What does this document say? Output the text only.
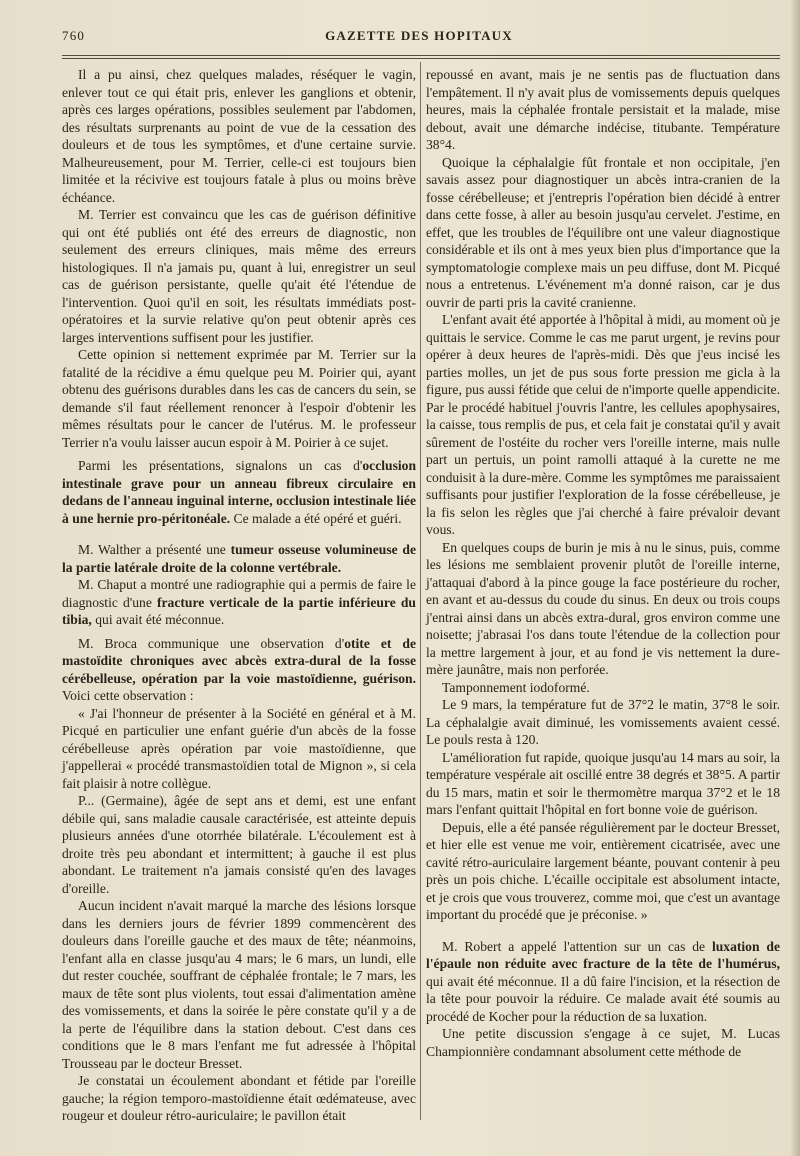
760	GAZETTE DES HOPITAUX

Il a pu ainsi, chez quelques malades, réséquer le vagin, enlever tout ce qui était pris, enlever les ganglions et obtenir, après ces larges opérations, possibles seulement par l'abdomen, des résultats surprenants au point de vue de la cessation des douleurs et de tous les symptômes, et d'une certaine survie. Malheureusement, pour M. Terrier, celle-ci est toujours bien limitée et la récivive est toujours fatale à plus ou moins brève échéance.

M. Terrier est convaincu que les cas de guérison définitive qui ont été publiés ont été des erreurs de diagnostic, non seulement des erreurs cliniques, mais même des erreurs histologiques. Il n'a jamais pu, quant à lui, enregistrer un seul cas de guérison persistante, quelle qu'ait été l'étendue de l'intervention. Quoi qu'il en soit, les résultats immédiats post-opératoires et la survie relative qu'on peut obtenir après ces larges interventions suffisent pour les justifier.

Cette opinion si nettement exprimée par M. Terrier sur la fatalité de la récidive a ému quelque peu M. Poirier qui, ayant obtenu des guérisons durables dans les cas de cancers du sein, se demande s'il faut réellement renoncer à l'espoir d'obtenir les mêmes résultats pour le cancer de l'utérus. M. le professeur Terrier n'a voulu laisser aucun espoir à M. Poirier à ce sujet.

Parmi les présentations, signalons un cas d'occlusion intestinale grave pour un anneau fibreux circulaire en dedans de l'anneau inguinal interne, occlusion intestinale liée à une hernie pro-péritonéale. Ce malade a été opéré et guéri.

M. Walther a présenté une tumeur osseuse volumineuse de la partie latérale droite de la colonne vertébrale.

M. Chaput a montré une radiographie qui a permis de faire le diagnostic d'une fracture verticale de la partie inférieure du tibia, qui avait été méconnue.

M. Broca communique une observation d'otite et de mastoïdite chroniques avec abcès extra-dural de la fosse cérébelleuse, opération par la voie mastoïdienne, guérison. Voici cette observation :

« J'ai l'honneur de présenter à la Société en général et à M. Picqué en particulier une enfant guérie d'un abcès de la fosse cérébelleuse après opération par voie mastoïdienne, que j'appellerai « procédé transmastoïdien total de Mignon », si cela fait plaisir à notre collègue.

P... (Germaine), âgée de sept ans et demi, est une enfant débile qui, sans maladie causale caractérisée, est atteinte depuis plusieurs années d'une otorrhée bilatérale. L'écoulement est à droite très peu abondant et intermittent; à gauche il est plus abondant. Le traitement n'a jamais consisté qu'en des lavages d'oreille.

Aucun incident n'avait marqué la marche des lésions lorsque dans les derniers jours de février 1899 commencèrent des douleurs dans l'oreille gauche et des maux de tête; néanmoins, l'enfant alla en classe jusqu'au 4 mars; le 6 mars, un lundi, elle dut rester couchée, souffrant de céphalée frontale; le 7 mars, les maux de tête sont plus violents, tout essai d'alimentation amène des vomissements, et dans la soirée le père constate qu'il y a de la perte de l'équilibre dans la station debout. C'est dans ces conditions que le 8 mars l'enfant me fut adressée à l'hôpital Trousseau par le docteur Bresset.

Je constatai un écoulement abondant et fétide par l'oreille gauche; la région temporo-mastoïdienne était œdémateuse, avec rougeur et douleur rétro-auriculaire; le pavillon était

repoussé en avant, mais je ne sentis pas de fluctuation dans l'empâtement. Il n'y avait plus de vomissements depuis quelques heures, mais la céphalée frontale persistait et la malade, mise debout, avait une démarche indécise, titubante. Température 38°4.

Quoique la céphalalgie fût frontale et non occipitale, j'en savais assez pour diagnostiquer un abcès intra-cranien de la fosse cérébelleuse; et j'entrepris l'opération bien décidé à entrer dans cette fosse, à aller au besoin jusqu'au cervelet. J'estime, en effet, que les troubles de l'équilibre ont une valeur diagnostique considérable et ils ont à mes yeux bien plus d'importance que la symptomatologie complexe mais un peu diffuse, dont M. Picqué nous a entretenus. L'événement m'a donné raison, car je dus ouvrir de parti pris la cavité cranienne.

L'enfant avait été apportée à l'hôpital à midi, au moment où je quittais le service. Comme le cas me parut urgent, je revins pour opérer à deux heures de l'après-midi. Dès que j'eus incisé les parties molles, un jet de pus sous forte pression me gicla à la figure, pus aussi fétide que celui de n'importe quelle appendicite. Par le procédé habituel j'ouvris l'antre, les cellules apophysaires, la caisse, tous remplis de pus, et cela fait je constatai qu'il y avait sûrement de l'ostéite du rocher vers l'oreille interne, mais nulle part un pertuis, un point ramolli attaqué à la curette ne me conduisit à la dure-mère. Comme les symptômes me paraissaient suffisants pour justifier l'exploration de la fosse cérébelleuse, je la fis selon les règles que j'ai cherché à faire prévaloir devant vous.

En quelques coups de burin je mis à nu le sinus, puis, comme les lésions me semblaient provenir plutôt de l'oreille interne, j'attaquai d'abord à la pince gouge la face postérieure du rocher, en avant et au-dessus du coude du sinus. En deux ou trois coups j'entrai ainsi dans un abcès extra-dural, gros environ comme une noisette; j'abrasai l'os dans toute l'étendue de la collection pour la mettre largement à jour, et au fond je vis nettement la dure-mère jaunâtre, mais non perforée.

Tamponnement iodoformé.

Le 9 mars, la température fut de 37°2 le matin, 37°8 le soir. La céphalalgie avait diminué, les vomissements avaient cessé. Le pouls resta à 120.

L'amélioration fut rapide, quoique jusqu'au 14 mars au soir, la température vespérale ait oscillé entre 38 degrés et 38°5. A partir du 15 mars, matin et soir le thermomètre marqua 37°2 et le 18 mars l'enfant quittait l'hôpital en fort bonne voie de guérison.

Depuis, elle a été pansée régulièrement par le docteur Bresset, et hier elle est venue me voir, entièrement cicatrisée, avec une cavité rétro-auriculaire largement béante, pouvant contenir à peu près un pois chiche. L'écaille occipitale est absolument intacte, et je crois que vous trouverez, comme moi, que c'est un avantage important du procédé que je préconise. »

M. Robert a appelé l'attention sur un cas de luxation de l'épaule non réduite avec fracture de la tête de l'humérus, qui avait été méconnue. Il a dû faire l'incision, et la résection de la tête pour pouvoir la réduire. Ce malade avait été soumis au procédé de Kocher pour la réduction de sa luxation.

Une petite discussion s'engage à ce sujet, M. Lucas Championnière condamnant absolument cette méthode de
